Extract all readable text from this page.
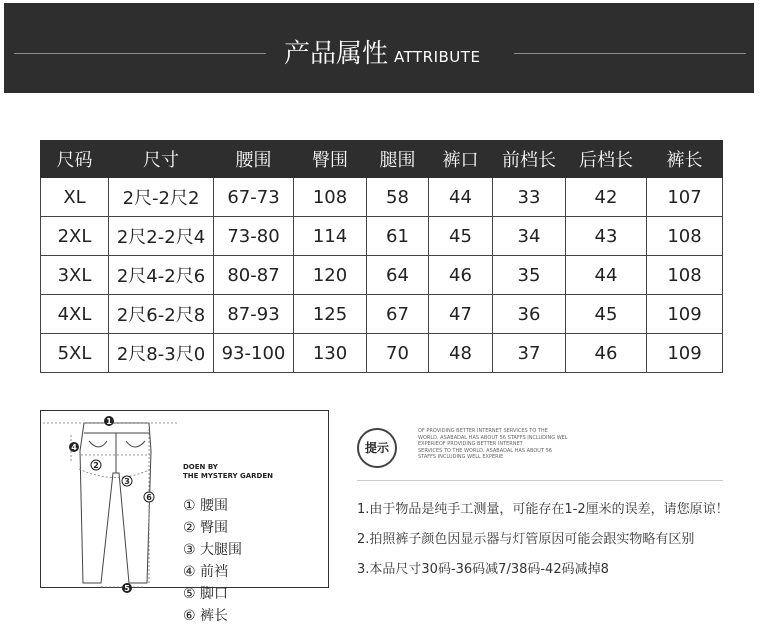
产品属性 ATTRIBUTE
尺码	尺寸	腰围	臀围	腿围	裤口	前档长	后档长	裤长
XL	2尺-2尺2	67-73	108	58	44	33	42	107
2XL	2尺2-2尺4	73-80	114	61	45	34	43	108
3XL	2尺4-2尺6	80-87	120	64	46	35	44	108
4XL	2尺6-2尺8	87-93	125	67	47	36	45	109
5XL	2尺8-3尺0	93-100	130	70	48	37	46	109
1
2
3
4
5
6
DOEN BY
THE MYSTERY GARDEN
① 腰围 ② 臀围
③ 大腿围 ④ 前裆
⑤ 脚口 ⑥ 裤长
提示
OF PROVIDING BETTER INTERNET SERVICES TO THE
WORLD. ASABADAL HAS ABOUT 56 STAFFS INCLUDING WEL
EXPERIEOF PROVIDING BETTER INTERNET
SERVICES TO THE WORLD. ASABADAL HAS ABOUT 56
STAFFS INCLUDING WELL EXPERIE
1.由于物品是纯手工测量，可能存在1-2厘米的误差，请您原谅！
2.拍照裤子颜色因显示器与灯管原因可能会跟实物略有区别
3.本品尺寸30码-36码减7/38码-42码减掉8
